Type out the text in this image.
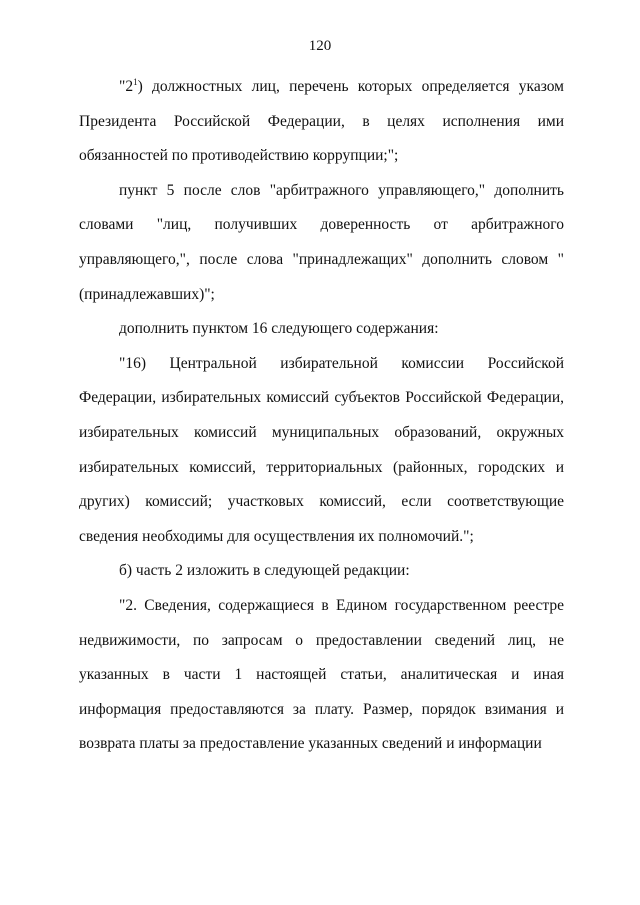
120

"$2^1$) должностных лиц, перечень которых определяется указом Президента Российской Федерации, в целях исполнения ими обязанностей по противодействию коррупции;";

пункт 5 после слов "арбитражного управляющего," дополнить словами "лиц, получивших доверенность от арбитражного управляющего,", после слова "принадлежащих" дополнить словом "(принадлежавших)";

дополнить пунктом 16 следующего содержания:

"16) Центральной избирательной комиссии Российской Федерации, избирательных комиссий субъектов Российской Федерации, избирательных комиссий муниципальных образований, окружных избирательных комиссий, территориальных (районных, городских и других) комиссий; участковых комиссий, если соответствующие сведения необходимы для осуществления их полномочий.";

б) часть 2 изложить в следующей редакции:

"2. Сведения, содержащиеся в Едином государственном реестре недвижимости, по запросам о предоставлении сведений лиц, не указанных в части 1 настоящей статьи, аналитическая и иная информация предоставляются за плату. Размер, порядок взимания и возврата платы за предоставление указанных сведений и информации
